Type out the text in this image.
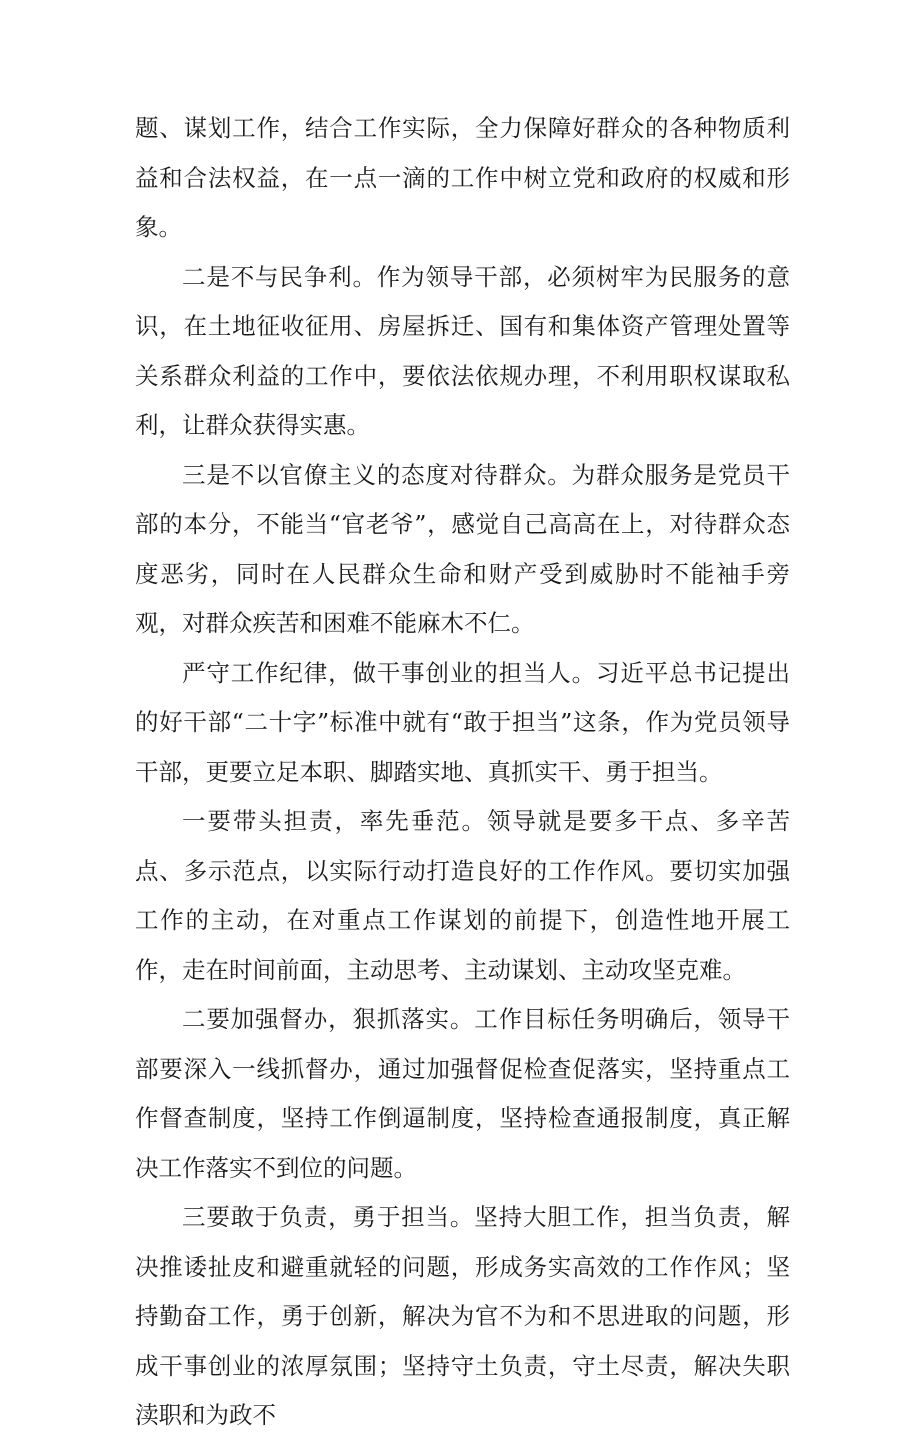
题、谋划工作，结合工作实际，全力保障好群众的各种物质利益和合法权益，在一点一滴的工作中树立党和政府的权威和形象。

二是不与民争利。作为领导干部，必须树牢为民服务的意识，在土地征收征用、房屋拆迁、国有和集体资产管理处置等关系群众利益的工作中，要依法依规办理，不利用职权谋取私利，让群众获得实惠。

三是不以官僚主义的态度对待群众。为群众服务是党员干部的本分，不能当“官老爷”，感觉自己高高在上，对待群众态度恶劣，同时在人民群众生命和财产受到威胁时不能袖手旁观，对群众疾苦和困难不能麻木不仁。

严守工作纪律，做干事创业的担当人。习近平总书记提出的好干部“二十字”标准中就有“敢于担当”这条，作为党员领导干部，更要立足本职、脚踏实地、真抓实干、勇于担当。

一要带头担责，率先垂范。领导就是要多干点、多辛苦点、多示范点，以实际行动打造良好的工作作风。要切实加强工作的主动，在对重点工作谋划的前提下，创造性地开展工作，走在时间前面，主动思考、主动谋划、主动攻坚克难。

二要加强督办，狠抓落实。工作目标任务明确后，领导干部要深入一线抓督办，通过加强督促检查促落实，坚持重点工作督查制度，坚持工作倒逼制度，坚持检查通报制度，真正解决工作落实不到位的问题。

三要敢于负责，勇于担当。坚持大胆工作，担当负责，解决推诿扯皮和避重就轻的问题，形成务实高效的工作作风；坚持勤奋工作，勇于创新，解决为官不为和不思进取的问题，形成干事创业的浓厚氛围；坚持守土负责，守土尽责，解决失职渎职和为政不
